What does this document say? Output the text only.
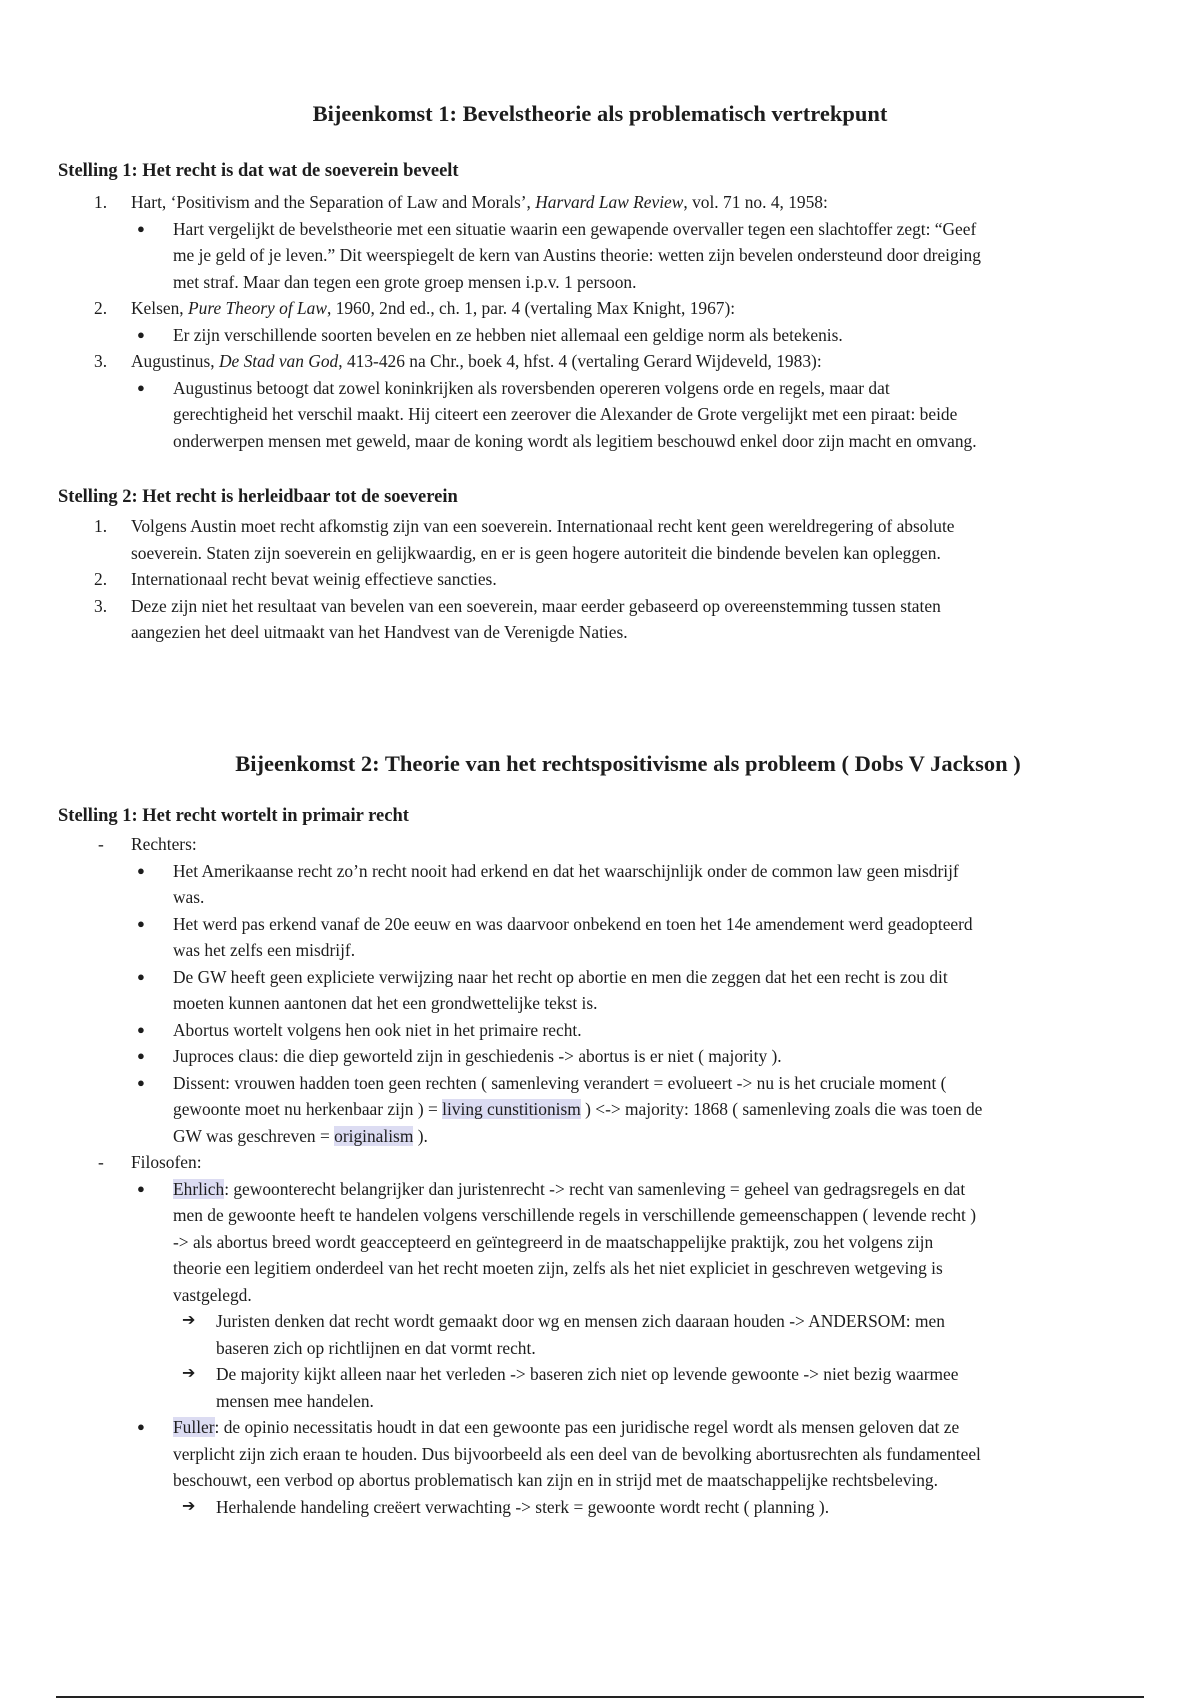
Bijeenkomst 1: Bevelstheorie als problematisch vertrekpunt
Stelling 1: Het recht is dat wat de soeverein beveelt
1. Hart, ‘Positivism and the Separation of Law and Morals’, Harvard Law Review, vol. 71 no. 4, 1958:
● Hart vergelijkt de bevelstheorie met een situatie waarin een gewapende overvaller tegen een slachtoffer zegt: “Geef
me je geld of je leven.” Dit weerspiegelt de kern van Austins theorie: wetten zijn bevelen ondersteund door dreiging
met straf. Maar dan tegen een grote groep mensen i.p.v. 1 persoon.
2. Kelsen, Pure Theory of Law, 1960, 2nd ed., ch. 1, par. 4 (vertaling Max Knight, 1967):
● Er zijn verschillende soorten bevelen en ze hebben niet allemaal een geldige norm als betekenis.
3. Augustinus, De Stad van God, 413-426 na Chr., boek 4, hfst. 4 (vertaling Gerard Wijdeveld, 1983):
● Augustinus betoogt dat zowel koninkrijken als roversbenden opereren volgens orde en regels, maar dat
gerechtigheid het verschil maakt. Hij citeert een zeerover die Alexander de Grote vergelijkt met een piraat: beide
onderwerpen mensen met geweld, maar de koning wordt als legitiem beschouwd enkel door zijn macht en omvang.
Stelling 2: Het recht is herleidbaar tot de soeverein
1. Volgens Austin moet recht afkomstig zijn van een soeverein. Internationaal recht kent geen wereldregering of absolute
soeverein. Staten zijn soeverein en gelijkwaardig, en er is geen hogere autoriteit die bindende bevelen kan opleggen.
2. Internationaal recht bevat weinig effectieve sancties.
3. Deze zijn niet het resultaat van bevelen van een soeverein, maar eerder gebaseerd op overeenstemming tussen staten
aangezien het deel uitmaakt van het Handvest van de Verenigde Naties.
Bijeenkomst 2: Theorie van het rechtspositivisme als probleem ( Dobs V Jackson )
Stelling 1: Het recht wortelt in primair recht
- Rechters:
● Het Amerikaanse recht zo’n recht nooit had erkend en dat het waarschijnlijk onder de common law geen misdrijf
was.
● Het werd pas erkend vanaf de 20e eeuw en was daarvoor onbekend en toen het 14e amendement werd geadopteerd
was het zelfs een misdrijf.
● De GW heeft geen expliciete verwijzing naar het recht op abortie en men die zeggen dat het een recht is zou dit
moeten kunnen aantonen dat het een grondwettelijke tekst is.
● Abortus wortelt volgens hen ook niet in het primaire recht.
● Juproces claus: die diep geworteld zijn in geschiedenis -> abortus is er niet ( majority ).
● Dissent: vrouwen hadden toen geen rechten ( samenleving verandert = evolueert -> nu is het cruciale moment (
gewoonte moet nu herkenbaar zijn ) = living cunstitionism ) <-> majority: 1868 ( samenleving zoals die was toen de
GW was geschreven = originalism ).
- Filosofen:
● Ehrlich: gewoonterecht belangrijker dan juristenrecht -> recht van samenleving = geheel van gedragsregels en dat
men de gewoonte heeft te handelen volgens verschillende regels in verschillende gemeenschappen ( levende recht )
-> als abortus breed wordt geaccepteerd en geïntegreerd in de maatschappelijke praktijk, zou het volgens zijn
theorie een legitiem onderdeel van het recht moeten zijn, zelfs als het niet expliciet in geschreven wetgeving is
vastgelegd.
➔ Juristen denken dat recht wordt gemaakt door wg en mensen zich daaraan houden -> ANDERSOM: men
baseren zich op richtlijnen en dat vormt recht.
➔ De majority kijkt alleen naar het verleden -> baseren zich niet op levende gewoonte -> niet bezig waarmee
mensen mee handelen.
● Fuller: de opinio necessitatis houdt in dat een gewoonte pas een juridische regel wordt als mensen geloven dat ze
verplicht zijn zich eraan te houden. Dus bijvoorbeeld als een deel van de bevolking abortusrechten als fundamenteel
beschouwt, een verbod op abortus problematisch kan zijn en in strijd met de maatschappelijke rechtsbeleving.
➔ Herhalende handeling creëert verwachting -> sterk = gewoonte wordt recht ( planning ).
